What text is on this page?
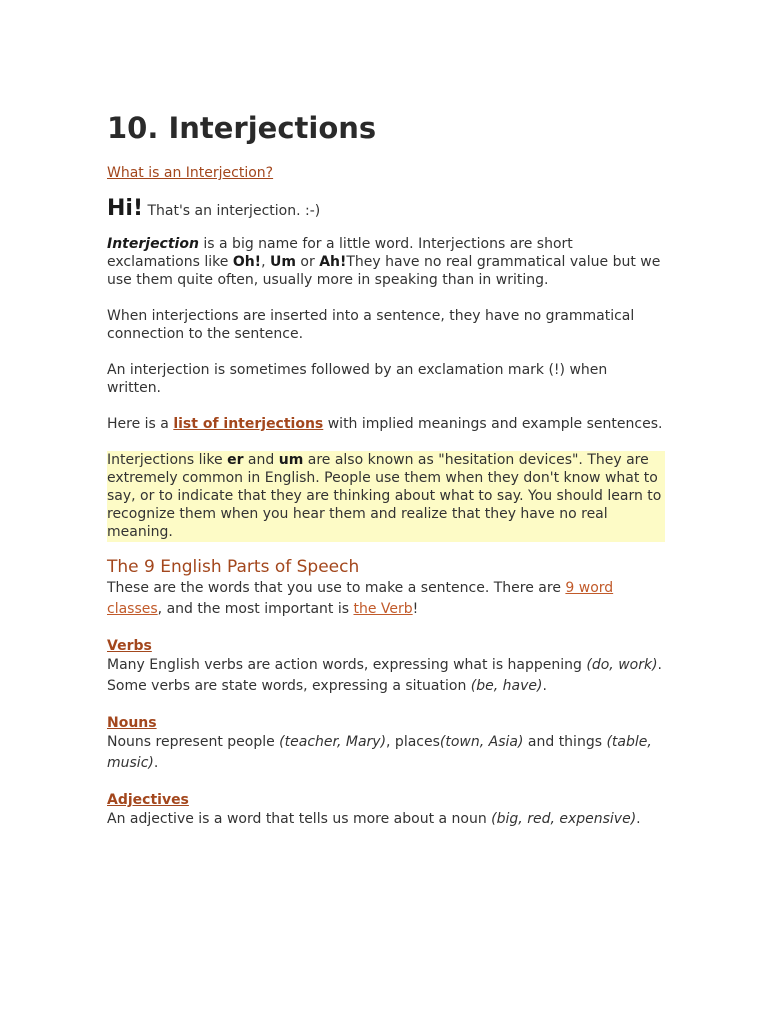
10. Interjections
What is an Interjection?
Hi! That's an interjection. :-)

Interjection is a big name for a little word. Interjections are short exclamations like Oh!, Um or Ah!They have no real grammatical value but we use them quite often, usually more in speaking than in writing.

When interjections are inserted into a sentence, they have no grammatical connection to the sentence.

An interjection is sometimes followed by an exclamation mark (!) when written.

Here is a list of interjections with implied meanings and example sentences.

Interjections like er and um are also known as "hesitation devices". They are extremely common in English. People use them when they don't know what to say, or to indicate that they are thinking about what to say. You should learn to recognize them when you hear them and realize that they have no real meaning.

The 9 English Parts of Speech

These are the words that you use to make a sentence. There are 9 word classes, and the most important is the Verb!

Verbs

Many English verbs are action words, expressing what is happening (do, work). Some verbs are state words, expressing a situation (be, have).

Nouns

Nouns represent people (teacher, Mary), places(town, Asia) and things (table, music).

Adjectives

An adjective is a word that tells us more about a noun (big, red, expensive).
